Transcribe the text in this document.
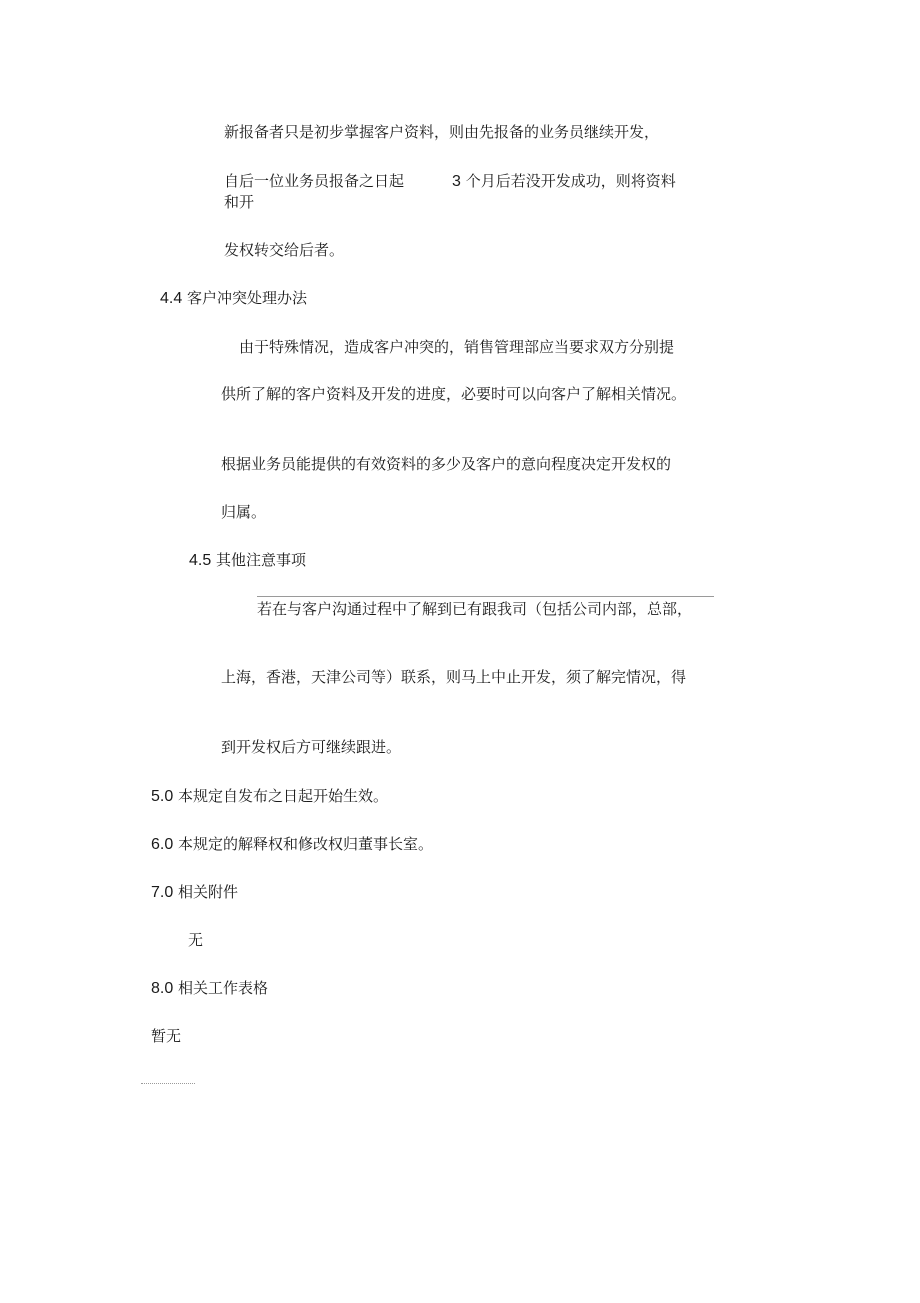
新报备者只是初步掌握客户资料，则由先报备的业务员继续开发，
自后一位业务员报备之日起	3 个月后若没开发成功，则将资料
和开
发权转交给后者。
4.4 客户冲突处理办法
由于特殊情况，造成客户冲突的，销售管理部应当要求双方分别提
供所了解的客户资料及开发的进度，必要时可以向客户了解相关情况。
根据业务员能提供的有效资料的多少及客户的意向程度决定开发权的
归属。
4.5 其他注意事项
若在与客户沟通过程中了解到已有跟我司（包括公司内部，总部，
上海，香港，天津公司等）联系，则马上中止开发，须了解完情况，得
到开发权后方可继续跟进。
5.0 本规定自发布之日起开始生效。
6.0 本规定的解释权和修改权归董事长室。
7.0 相关附件
无
8.0 相关工作表格
暂无
